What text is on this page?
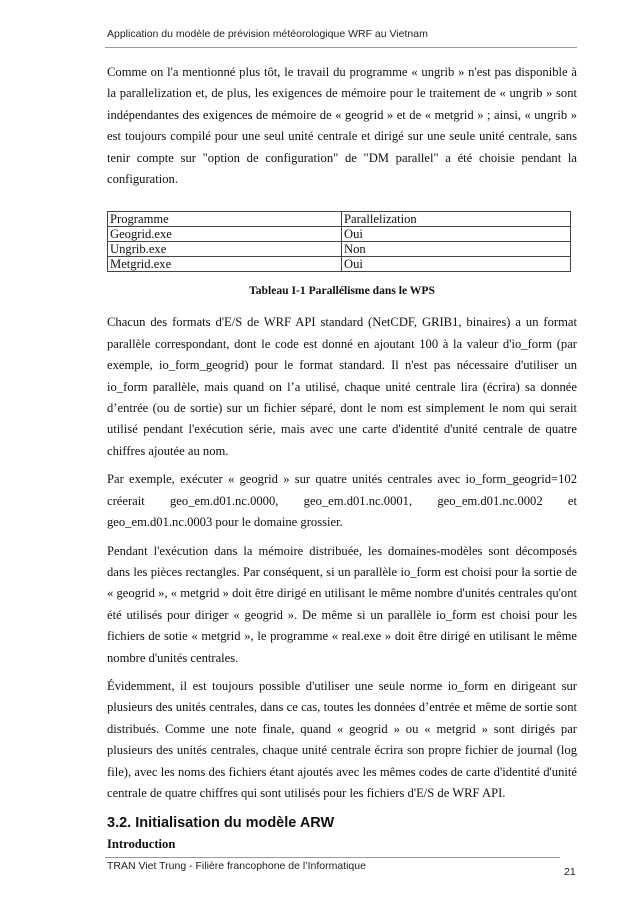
Application du modèle de prévision météorologique WRF au Vietnam

Comme on l'a mentionné plus tôt, le travail du programme « ungrib » n'est pas disponible à la parallelization et, de plus, les exigences de mémoire pour le traitement de « ungrib » sont indépendantes des exigences de mémoire de « geogrid » et de « metgrid » ; ainsi, « ungrib » est toujours compilé pour une seul unité centrale et dirigé sur une seule unité centrale, sans tenir compte sur "option de configuration" de "DM parallel" a été choisie pendant la configuration.

Programme	Parallelization
Geogrid.exe	Oui
Ungrib.exe	Non
Metgrid.exe	Oui
Tableau I-1 Parallélisme dans le WPS

Chacun des formats d'E/S de WRF API standard (NetCDF, GRIB1, binaires) a un format parallèle correspondant, dont le code est donné en ajoutant 100 à la valeur d'io_form (par exemple, io_form_geogrid) pour le format standard. Il n'est pas nécessaire d'utiliser un io_form parallèle, mais quand on l’a utilisé, chaque unité centrale lira (écrira) sa donnée d’entrée (ou de sortie) sur un fichier séparé, dont le nom est simplement le nom qui serait utilisé pendant l'exécution série, mais avec une carte d'identité d'unité centrale de quatre chiffres ajoutée au nom.

Par exemple, exécuter « geogrid » sur quatre unités centrales avec io_form_geogrid=102 créerait geo_em.d01.nc.0000, geo_em.d01.nc.0001, geo_em.d01.nc.0002 et geo_em.d01.nc.0003 pour le domaine grossier.

Pendant l'exécution dans la mémoire distribuée, les domaines-modèles sont décomposés dans les pièces rectangles. Par conséquent, si un parallèle io_form est choisi pour la sortie de « geogrid », « metgrid » doit être dirigé en utilisant le même nombre d'unités centrales qu'ont été utilisés pour diriger « geogrid ». De même si un parallèle io_form est choisi pour les fichiers de sotie « metgrid », le programme « real.exe » doit être dirigé en utilisant le même nombre d'unités centrales.

Évidemment, il est toujours possible d'utiliser une seule norme io_form en dirigeant sur plusieurs des unités centrales, dans ce cas, toutes les données d’entrée et même de sortie sont distribués. Comme une note finale, quand « geogrid » ou « metgrid » sont dirigés par plusieurs des unités centrales, chaque unité centrale écrira son propre fichier de journal (log file), avec les noms des fichiers étant ajoutés avec les mêmes codes de carte d'identité d'unité centrale de quatre chiffres qui sont utilisés pour les fichiers d'E/S de WRF API.

3.2. Initialisation du modèle ARW
Introduction
TRAN Viet Trung - Filière francophone de l’Informatique	21
